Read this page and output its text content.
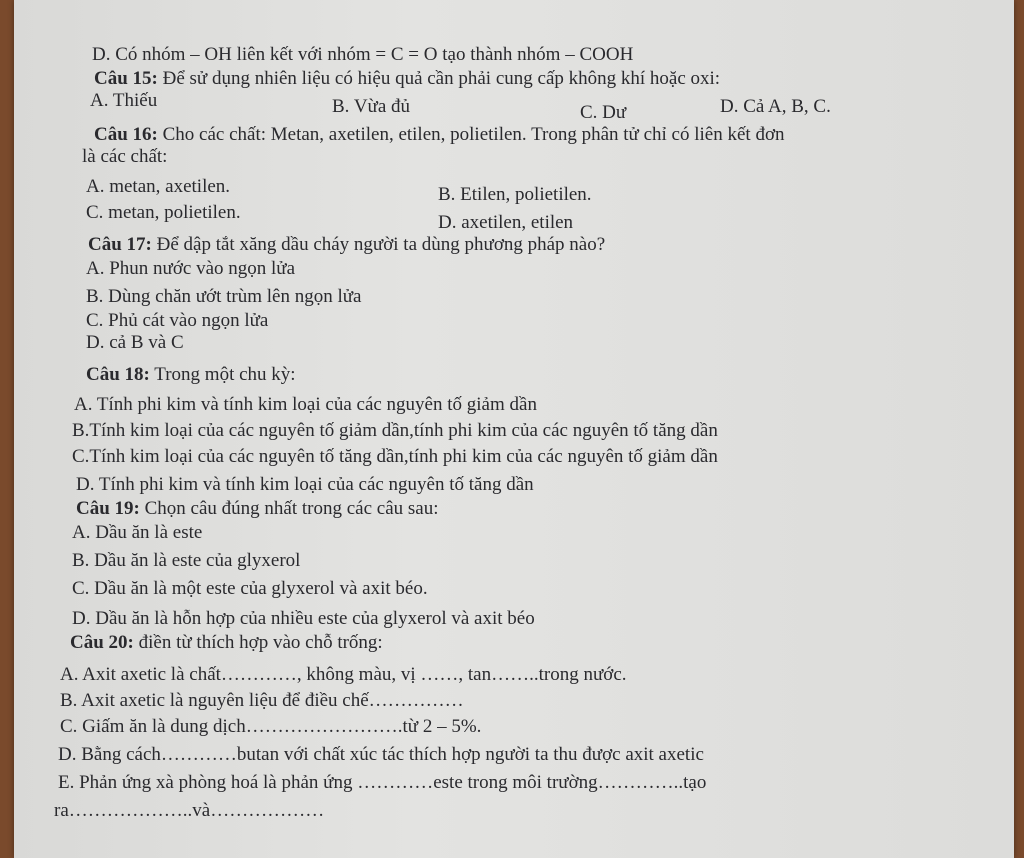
D. Có nhóm – OH liên kết với nhóm = C = O tạo thành nhóm – COOH
Câu 15: Để sử dụng nhiên liệu có hiệu quả cần phải cung cấp không khí hoặc oxi:
A. Thiếu	B. Vừa đủ	C. Dư	D. Cả A, B, C.
Câu 16: Cho các chất: Metan, axetilen, etilen, polietilen. Trong phân tử chỉ có liên kết đơn
là các chất:
A. metan, axetilen.	B. Etilen, polietilen.
C. metan, polietilen.	D. axetilen, etilen
Câu 17: Để dập tắt xăng dầu cháy người ta dùng phương pháp nào?
A. Phun nước vào ngọn lửa
B. Dùng chăn ướt trùm lên ngọn lửa
C. Phủ cát vào ngọn lửa
D. cả B và C
Câu 18: Trong một chu kỳ:
A. Tính phi kim và tính kim loại của các nguyên tố giảm dần
B.Tính kim loại của các nguyên tố giảm dần,tính phi kim của các nguyên tố tăng dần
C.Tính kim loại của các nguyên tố tăng dần,tính phi kim của các nguyên tố giảm dần
D. Tính phi kim và tính kim loại của các nguyên tố tăng dần
Câu 19: Chọn câu đúng nhất trong các câu sau:
A. Dầu ăn là este
B. Dầu ăn là este của glyxerol
C. Dầu ăn là một este của glyxerol và axit béo.
D. Dầu ăn là hỗn hợp của nhiều este của glyxerol và axit béo
Câu 20: điền từ thích hợp vào chỗ trống:
A. Axit axetic là chất…………, không màu, vị ……, tan……..trong nước.
B. Axit axetic là nguyên liệu để điều chế……………
C. Giấm ăn là dung dịch…………………….từ 2 – 5%.
D. Bằng cách…………butan với chất xúc tác thích hợp người ta thu được axit axetic
E. Phản ứng xà phòng hoá là phản ứng …………este trong môi trường…………..tạo
ra………………..và………………
